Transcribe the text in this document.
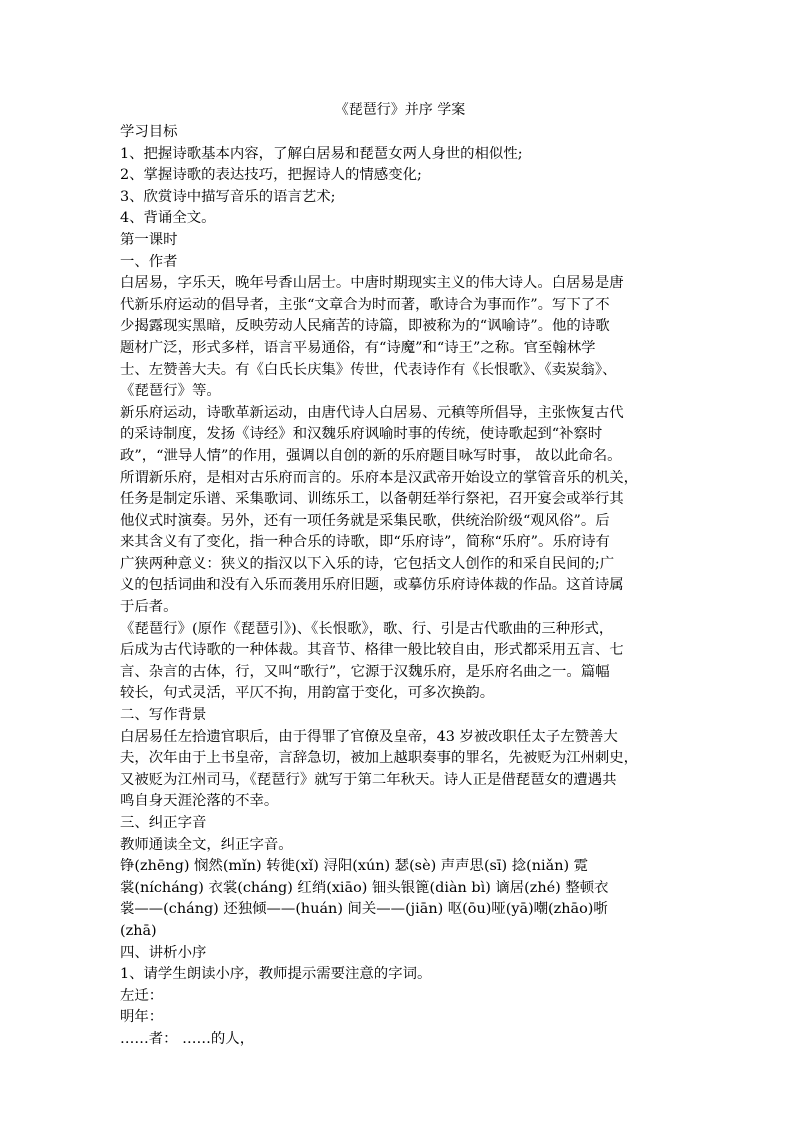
《琵琶行》并序 学案

学习目标

1、把握诗歌基本内容，了解白居易和琵琶女两人身世的相似性;

2、掌握诗歌的表达技巧，把握诗人的情感变化;

3、欣赏诗中描写音乐的语言艺术;

4、背诵全文。

第一课时

一、作者

白居易，字乐天，晚年号香山居士。中唐时期现实主义的伟大诗人。白居易是唐
代新乐府运动的倡导者，主张“文章合为时而著，歌诗合为事而作”。写下了不
少揭露现实黑暗，反映劳动人民痛苦的诗篇，即被称为的“讽喻诗”。他的诗歌
题材广泛，形式多样，语言平易通俗，有“诗魔”和“诗王”之称。官至翰林学
士、左赞善大夫。有《白氏长庆集》传世，代表诗作有《长恨歌》、《卖炭翁》、
《琵琶行》等。
新乐府运动，诗歌革新运动，由唐代诗人白居易、元稹等所倡导，主张恢复古代
的采诗制度，发扬《诗经》和汉魏乐府讽喻时事的传统，使诗歌起到“补察时
政”，“泄导人情”的作用，强调以自创的新的乐府题目咏写时事， 故以此命名。
所谓新乐府，是相对古乐府而言的。乐府本是汉武帝开始设立的掌管音乐的机关，
任务是制定乐谱、采集歌词、训练乐工，以备朝廷举行祭祀，召开宴会或举行其
他仪式时演奏。另外，还有一项任务就是采集民歌，供统治阶级“观风俗”。后
来其含义有了变化，指一种合乐的诗歌，即“乐府诗”，简称“乐府”。乐府诗有
广狭两种意义：狭义的指汉以下入乐的诗，它包括文人创作的和采自民间的;广
义的包括词曲和没有入乐而袭用乐府旧题，或摹仿乐府诗体裁的作品。这首诗属
于后者。
《琵琶行》(原作《琵琶引》)、《长恨歌》，歌、行、引是古代歌曲的三种形式，
后成为古代诗歌的一种体裁。其音节、格律一般比较自由，形式都采用五言、七
言、杂言的古体，行，又叫“歌行”，它源于汉魏乐府，是乐府名曲之一。篇幅
较长，句式灵活，平仄不拘，用韵富于变化，可多次换韵。

二、写作背景

白居易任左拾遗官职后，由于得罪了官僚及皇帝，43 岁被改职任太子左赞善大
夫，次年由于上书皇帝，言辞急切，被加上越职奏事的罪名，先被贬为江州刺史，
又被贬为江州司马，《琵琶行》就写于第二年秋天。诗人正是借琵琶女的遭遇共
鸣自身天涯沦落的不幸。

三、纠正字音

教师通读全文，纠正字音。

铮(zhēng) 悯然(mǐn) 转徙(xǐ) 浔阳(xún) 瑟(sè) 声声思(sī) 捻(niǎn) 霓
裳(nícháng) 衣裳(cháng) 红绡(xiāo) 钿头银篦(diàn bì) 谪居(zhé) 整顿衣
裳——(cháng) 还独倾——(huán) 间关——(jiān) 呕(ōu)哑(yā)嘲(zhāo)哳
(zhā)

四、讲析小序

1、请学生朗读小序，教师提示需要注意的字词。

左迁：

明年：

……者： ……的人，
